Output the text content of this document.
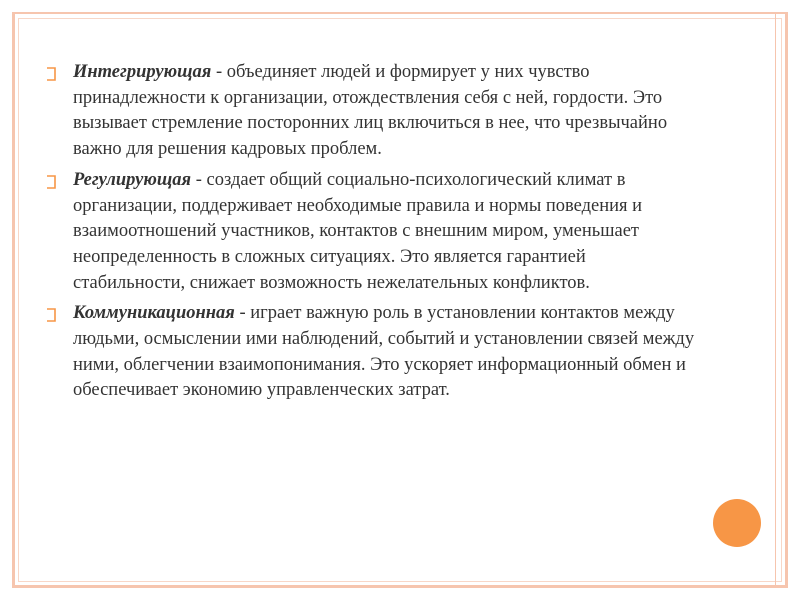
Интегрирующая - объединяет людей и формирует у них чувство принадлежности к организации, отождествления себя с ней, гордости. Это вызывает стремление посторонних лиц включиться в нее, что чрезвычайно важно для решения кадровых проблем.
Регулирующая - создает общий социально-психологический климат в организации, поддерживает необходимые правила и нормы поведения и взаимоотношений участников, контактов с внешним миром, уменьшает неопределенность в сложных ситуациях. Это является гарантией стабильности, снижает возможность нежелательных конфликтов.
Коммуникационная - играет важную роль в установлении контактов между людьми, осмыслении ими наблюдений, событий и установлении связей между ними, облегчении взаимопонимания. Это ускоряет информационный обмен и обеспечивает экономию управленческих затрат.
